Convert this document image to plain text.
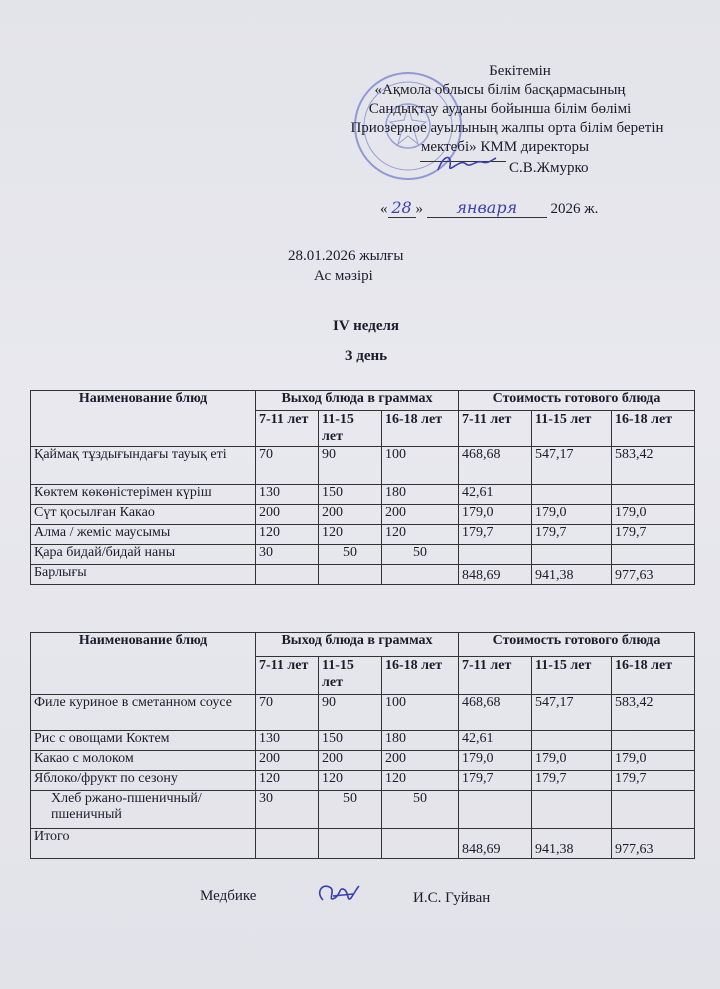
Бекітемін
«Ақмола облысы білім басқармасының
Сандықтау ауданы бойынша білім бөлімі
Приозерное ауылының жалпы орта білім беретін
мектебі» КММ директоры
С.В.Жмурко
« 28 » января 2026 ж.
28.01.2026 жылғы
Ас мәзірі
IV неделя
3 день
Наименование блюд	Выход блюда в граммах			Стоимость готового блюда		
	7-11 лет	11-15 лет	16-18 лет	7-11 лет	11-15 лет	16-18 лет
Қаймақ тұздығындағы тауық еті	70	90	100	468,68	547,17	583,42
Көктем көкөністерімен күріш	130	150	180	42,61		
Сүт қосылған Какао	200	200	200	179,0	179,0	179,0
Алма / жеміс маусымы	120	120	120	179,7	179,7	179,7
Қара бидай/бидай наны	30	50	50			
Барлығы				848,69	941,38	977,63
Наименование блюд	Выход блюда в граммах			Стоимость готового блюда		
	7-11 лет	11-15 лет	16-18 лет	7-11 лет	11-15 лет	16-18 лет
Филе куриное в сметанном соусе	70	90	100	468,68	547,17	583,42
Рис с овощами Коктем	130	150	180	42,61		
Какао с молоком	200	200	200	179,0	179,0	179,0
Яблоко/фрукт по сезону	120	120	120	179,7	179,7	179,7
Хлеб ржано-пшеничный/пшеничный	30	50	50			
Итого				848,69	941,38	977,63
Медбике	И.С. Гуйван
